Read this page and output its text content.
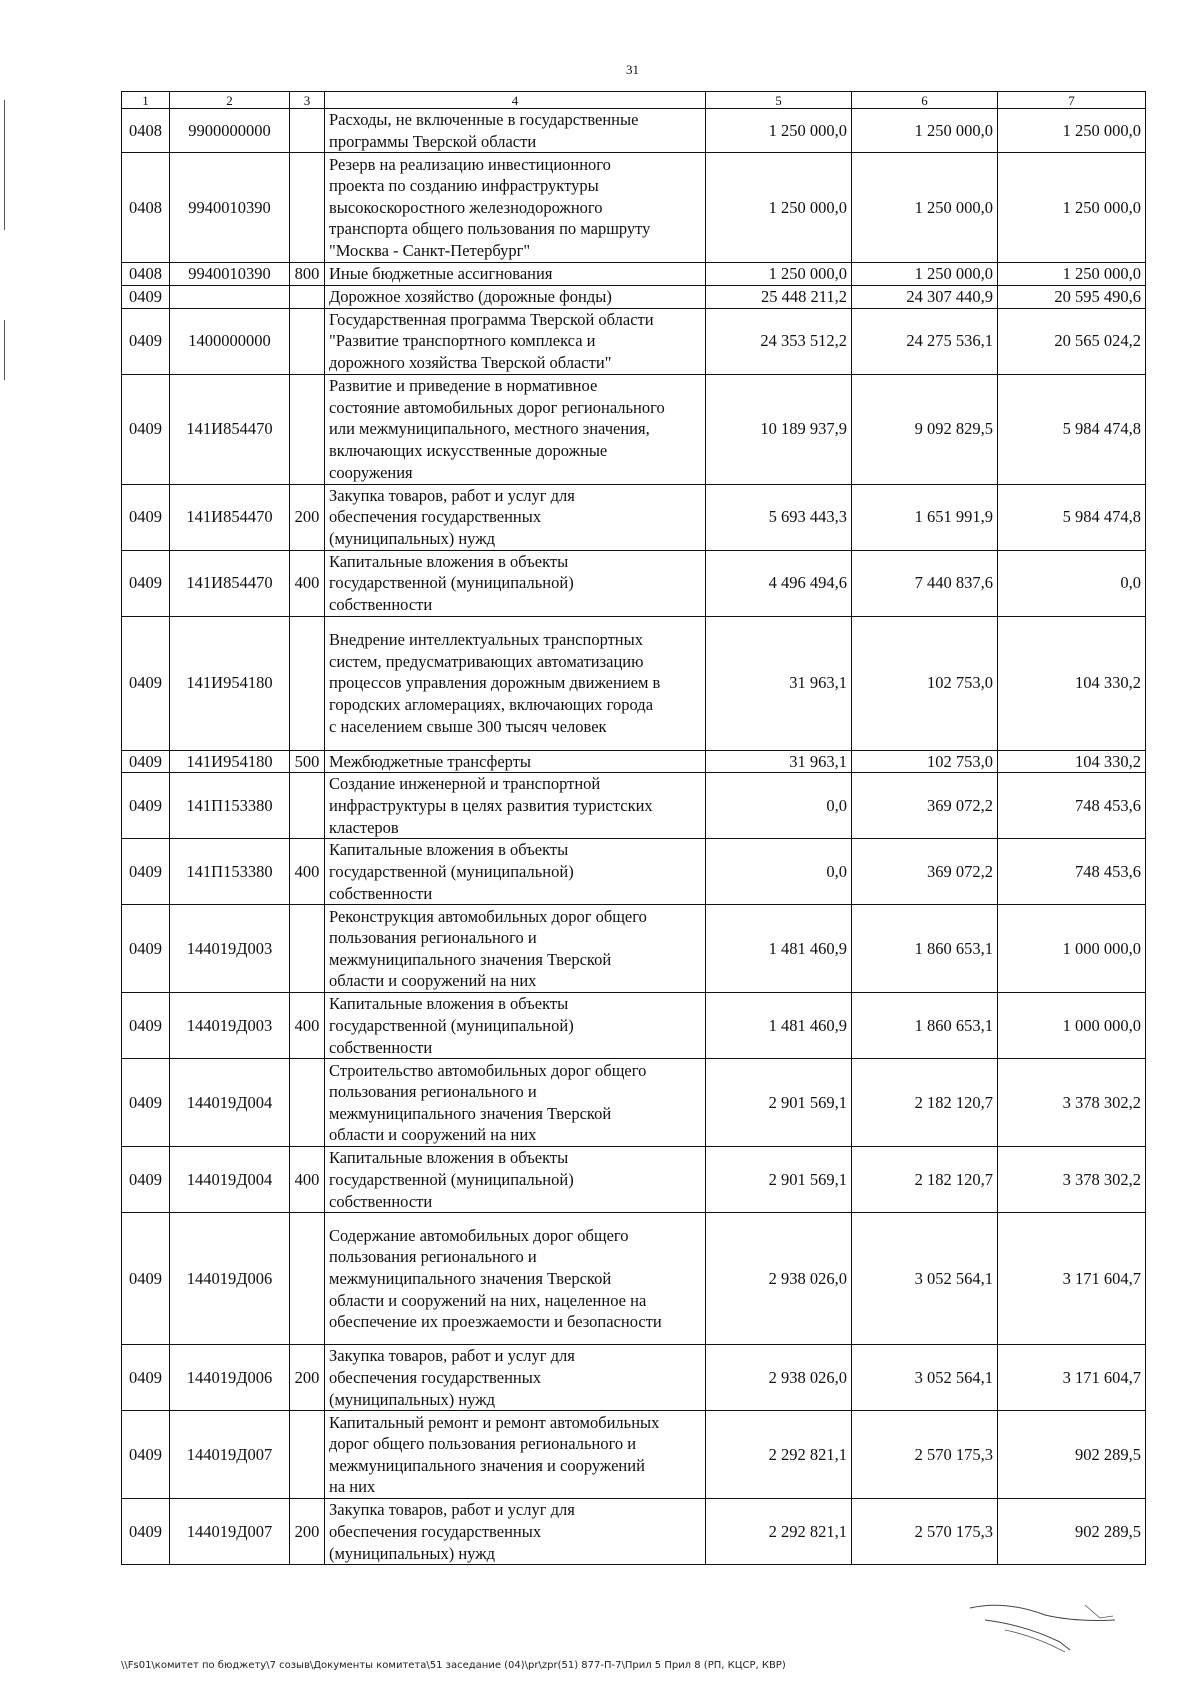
31
1	2	3	4	5	6	7
0408	9900000000		Расходы, не включенные в государственные
программы Тверской области	1 250 000,0	1 250 000,0	1 250 000,0
0408	9940010390		Резерв на реализацию инвестиционного
проекта по созданию инфраструктуры
высокоскоростного железнодорожного
транспорта общего пользования по маршруту
"Москва - Санкт-Петербург"	1 250 000,0	1 250 000,0	1 250 000,0
0408	9940010390	800	Иные бюджетные ассигнования	1 250 000,0	1 250 000,0	1 250 000,0
0409			Дорожное хозяйство (дорожные фонды)	25 448 211,2	24 307 440,9	20 595 490,6
0409	1400000000		Государственная программа Тверской области
"Развитие транспортного комплекса и
дорожного хозяйства Тверской области"	24 353 512,2	24 275 536,1	20 565 024,2
0409	141И854470		Развитие и приведение в нормативное
состояние автомобильных дорог регионального
или межмуниципального, местного значения,
включающих искусственные дорожные
сооружения	10 189 937,9	9 092 829,5	5 984 474,8
0409	141И854470	200	Закупка товаров, работ и услуг для
обеспечения государственных
(муниципальных) нужд	5 693 443,3	1 651 991,9	5 984 474,8
0409	141И854470	400	Капитальные вложения в объекты
государственной (муниципальной)
собственности	4 496 494,6	7 440 837,6	0,0
0409	141И954180		Внедрение интеллектуальных транспортных
систем, предусматривающих автоматизацию
процессов управления дорожным движением в
городских агломерациях, включающих города
с населением свыше 300 тысяч человек	31 963,1	102 753,0	104 330,2
0409	141И954180	500	Межбюджетные трансферты	31 963,1	102 753,0	104 330,2
0409	141П153380		Создание инженерной и транспортной
инфраструктуры в целях развития туристских
кластеров	0,0	369 072,2	748 453,6
0409	141П153380	400	Капитальные вложения в объекты
государственной (муниципальной)
собственности	0,0	369 072,2	748 453,6
0409	144019Д003		Реконструкция автомобильных дорог общего
пользования регионального и
межмуниципального значения Тверской
области и сооружений на них	1 481 460,9	1 860 653,1	1 000 000,0
0409	144019Д003	400	Капитальные вложения в объекты
государственной (муниципальной)
собственности	1 481 460,9	1 860 653,1	1 000 000,0
0409	144019Д004		Строительство автомобильных дорог общего
пользования регионального и
межмуниципального значения Тверской
области и сооружений на них	2 901 569,1	2 182 120,7	3 378 302,2
0409	144019Д004	400	Капитальные вложения в объекты
государственной (муниципальной)
собственности	2 901 569,1	2 182 120,7	3 378 302,2
0409	144019Д006		Содержание автомобильных дорог общего
пользования регионального и
межмуниципального значения Тверской
области и сооружений на них, нацеленное на
обеспечение их проезжаемости и безопасности	2 938 026,0	3 052 564,1	3 171 604,7
0409	144019Д006	200	Закупка товаров, работ и услуг для
обеспечения государственных
(муниципальных) нужд	2 938 026,0	3 052 564,1	3 171 604,7
0409	144019Д007		Капитальный ремонт и ремонт автомобильных
дорог общего пользования регионального и
межмуниципального значения и сооружений
на них	2 292 821,1	2 570 175,3	902 289,5
0409	144019Д007	200	Закупка товаров, работ и услуг для
обеспечения государственных
(муниципальных) нужд	2 292 821,1	2 570 175,3	902 289,5
\\Fs01\комитет по бюджету\7 созыв\Документы комитета\51 заседание (04)\pr\zpr(51) 877-П-7\Прил 5 Прил 8 (РП, КЦСР, КВР)
